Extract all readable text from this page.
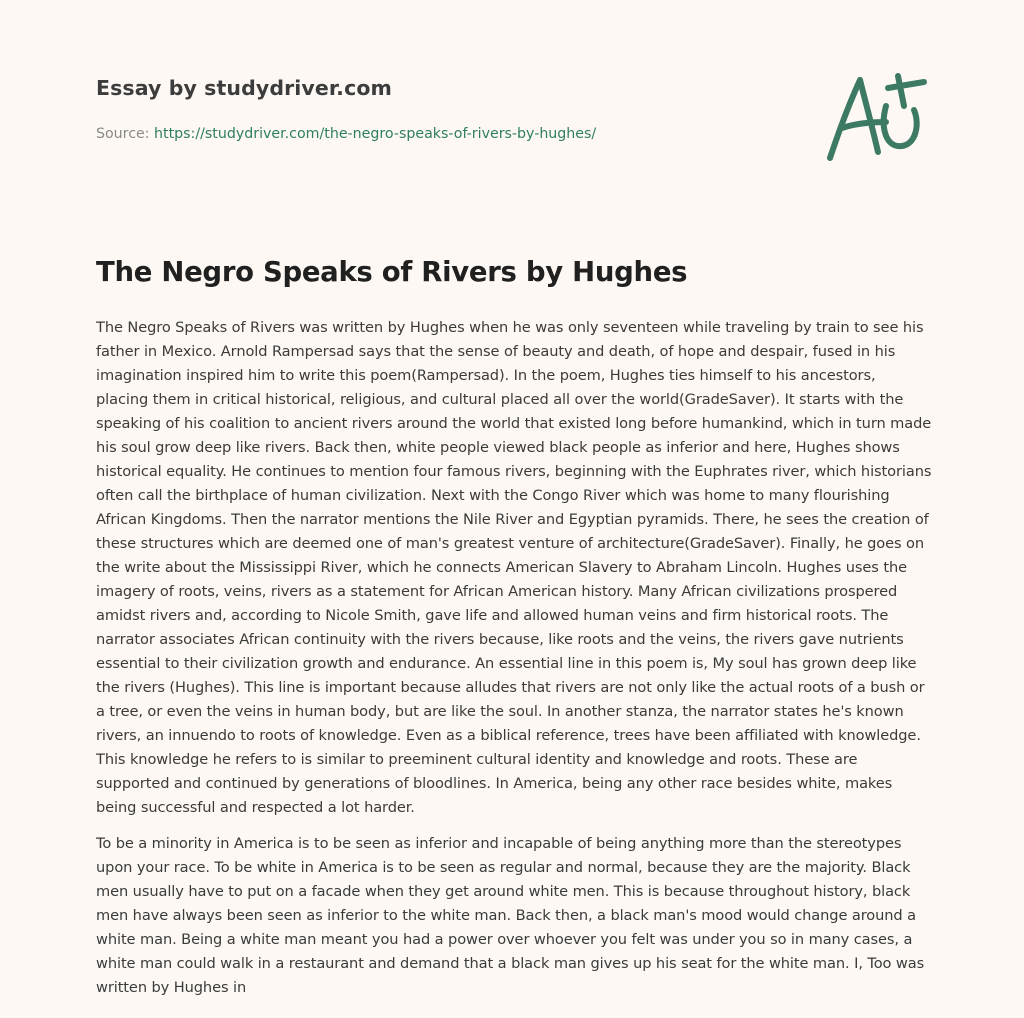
Essay by studydriver.com
Source: https://studydriver.com/the-negro-speaks-of-rivers-by-hughes/
The Negro Speaks of Rivers by Hughes

The Negro Speaks of Rivers was written by Hughes when he was only seventeen while traveling by train to see his father in Mexico. Arnold Rampersad says that the sense of beauty and death, of hope and despair, fused in his imagination inspired him to write this poem(Rampersad). In the poem, Hughes ties himself to his ancestors, placing them in critical historical, religious, and cultural placed all over the world(GradeSaver). It starts with the speaking of his coalition to ancient rivers around the world that existed long before humankind, which in turn made his soul grow deep like rivers. Back then, white people viewed black people as inferior and here, Hughes shows historical equality. He continues to mention four famous rivers, beginning with the Euphrates river, which historians often call the birthplace of human civilization. Next with the Congo River which was home to many flourishing African Kingdoms. Then the narrator mentions the Nile River and Egyptian pyramids. There, he sees the creation of these structures which are deemed one of man's greatest venture of architecture(GradeSaver). Finally, he goes on the write about the Mississippi River, which he connects American Slavery to Abraham Lincoln. Hughes uses the imagery of roots, veins, rivers as a statement for African American history. Many African civilizations prospered amidst rivers and, according to Nicole Smith, gave life and allowed human veins and firm historical roots. The narrator associates African continuity with the rivers because, like roots and the veins, the rivers gave nutrients essential to their civilization growth and endurance. An essential line in this poem is, My soul has grown deep like the rivers (Hughes). This line is important because alludes that rivers are not only like the actual roots of a bush or a tree, or even the veins in human body, but are like the soul. In another stanza, the narrator states he's known rivers, an innuendo to roots of knowledge. Even as a biblical reference, trees have been affiliated with knowledge. This knowledge he refers to is similar to preeminent cultural identity and knowledge and roots. These are supported and continued by generations of bloodlines. In America, being any other race besides white, makes being successful and respected a lot harder.

To be a minority in America is to be seen as inferior and incapable of being anything more than the stereotypes upon your race. To be white in America is to be seen as regular and normal, because they are the majority. Black men usually have to put on a facade when they get around white men. This is because throughout history, black men have always been seen as inferior to the white man. Back then, a black man's mood would change around a white man. Being a white man meant you had a power over whoever you felt was under you so in many cases, a white man could walk in a restaurant and demand that a black man gives up his seat for the white man. I, Too was written by Hughes in
